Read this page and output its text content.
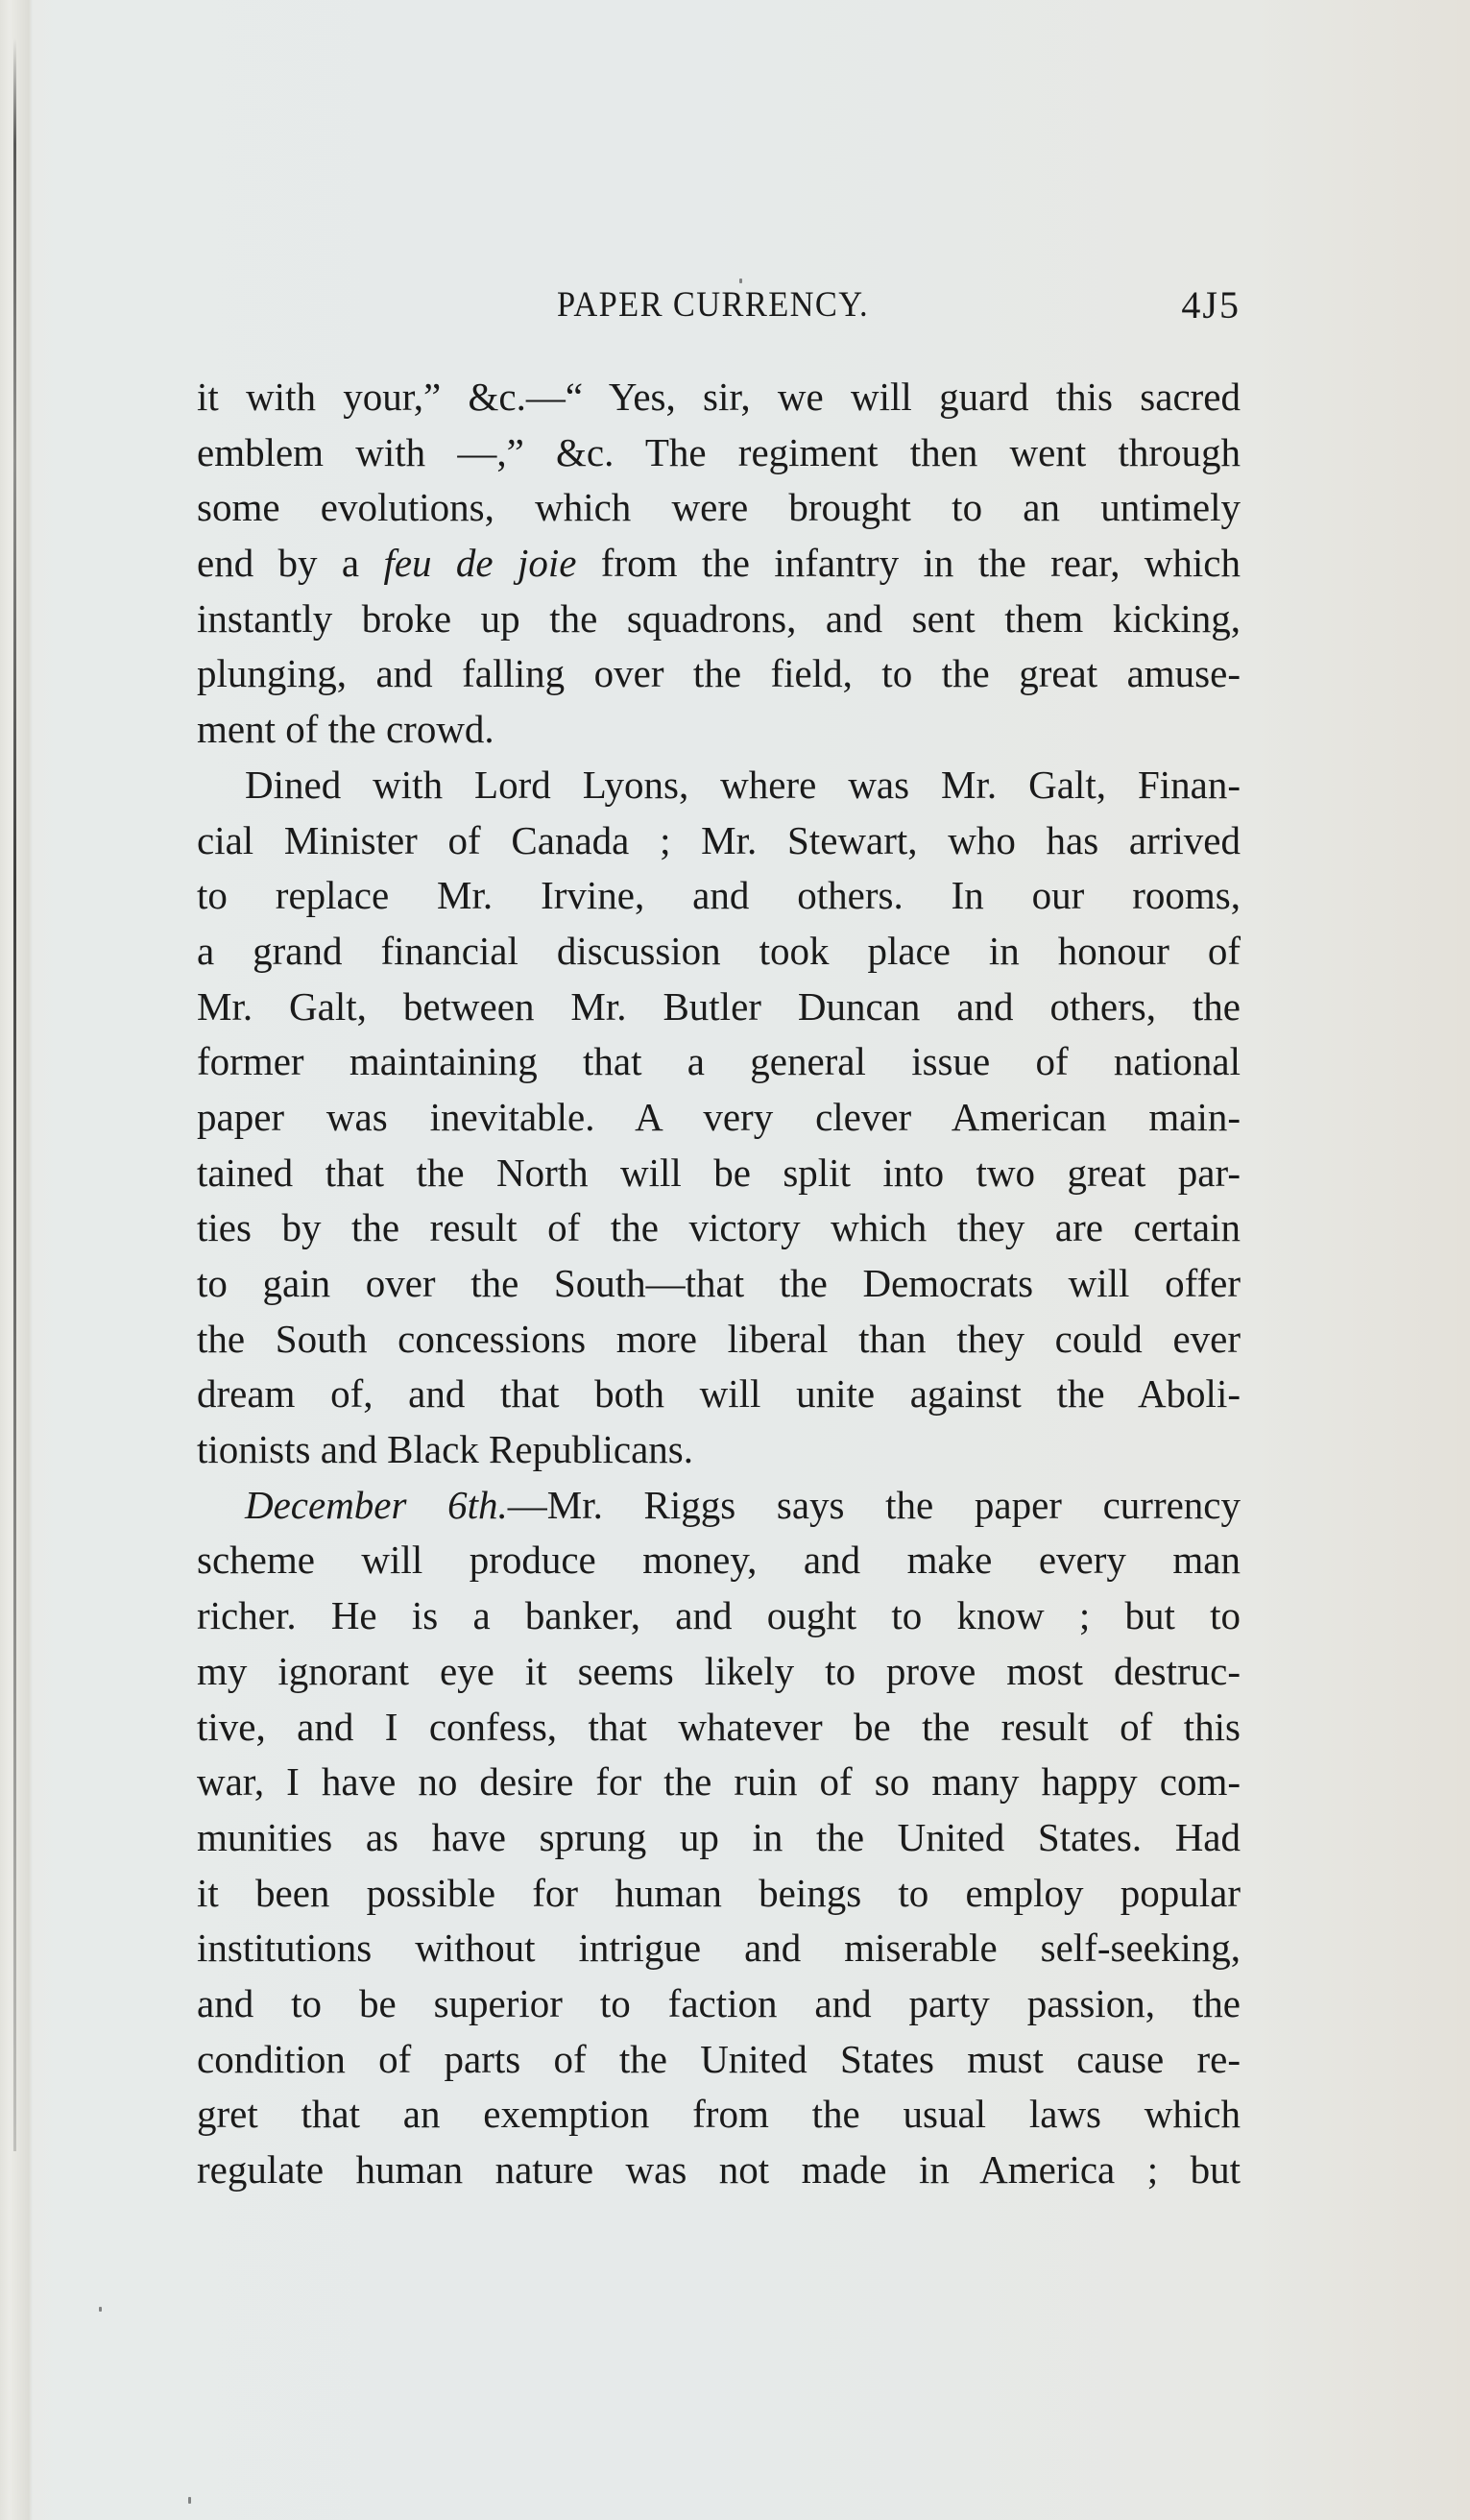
PAPER CURRENCY.	4J5
it with your,” &c.—“ Yes, sir, we will guard this sacred
emblem with —,” &c. The regiment then went through
some evolutions, which were brought to an untimely
end by a feu de joie from the infantry in the rear, which
instantly broke up the squadrons, and sent them kicking,
plunging, and falling over the field, to the great amuse-
ment of the crowd.
Dined with Lord Lyons, where was Mr. Galt, Finan-
cial Minister of Canada ; Mr. Stewart, who has arrived
to replace Mr. Irvine, and others. In our rooms,
a grand financial discussion took place in honour of
Mr. Galt, between Mr. Butler Duncan and others, the
former maintaining that a general issue of national
paper was inevitable. A very clever American main-
tained that the North will be split into two great par-
ties by the result of the victory which they are certain
to gain over the South—that the Democrats will offer
the South concessions more liberal than they could ever
dream of, and that both will unite against the Aboli-
tionists and Black Republicans.
December 6th.—Mr. Riggs says the paper currency
scheme will produce money, and make every man
richer. He is a banker, and ought to know ; but to
my ignorant eye it seems likely to prove most destruc-
tive, and I confess, that whatever be the result of this
war, I have no desire for the ruin of so many happy com-
munities as have sprung up in the United States. Had
it been possible for human beings to employ popular
institutions without intrigue and miserable self-seeking,
and to be superior to faction and party passion, the
condition of parts of the United States must cause re-
gret that an exemption from the usual laws which
regulate human nature was not made in America ; but
